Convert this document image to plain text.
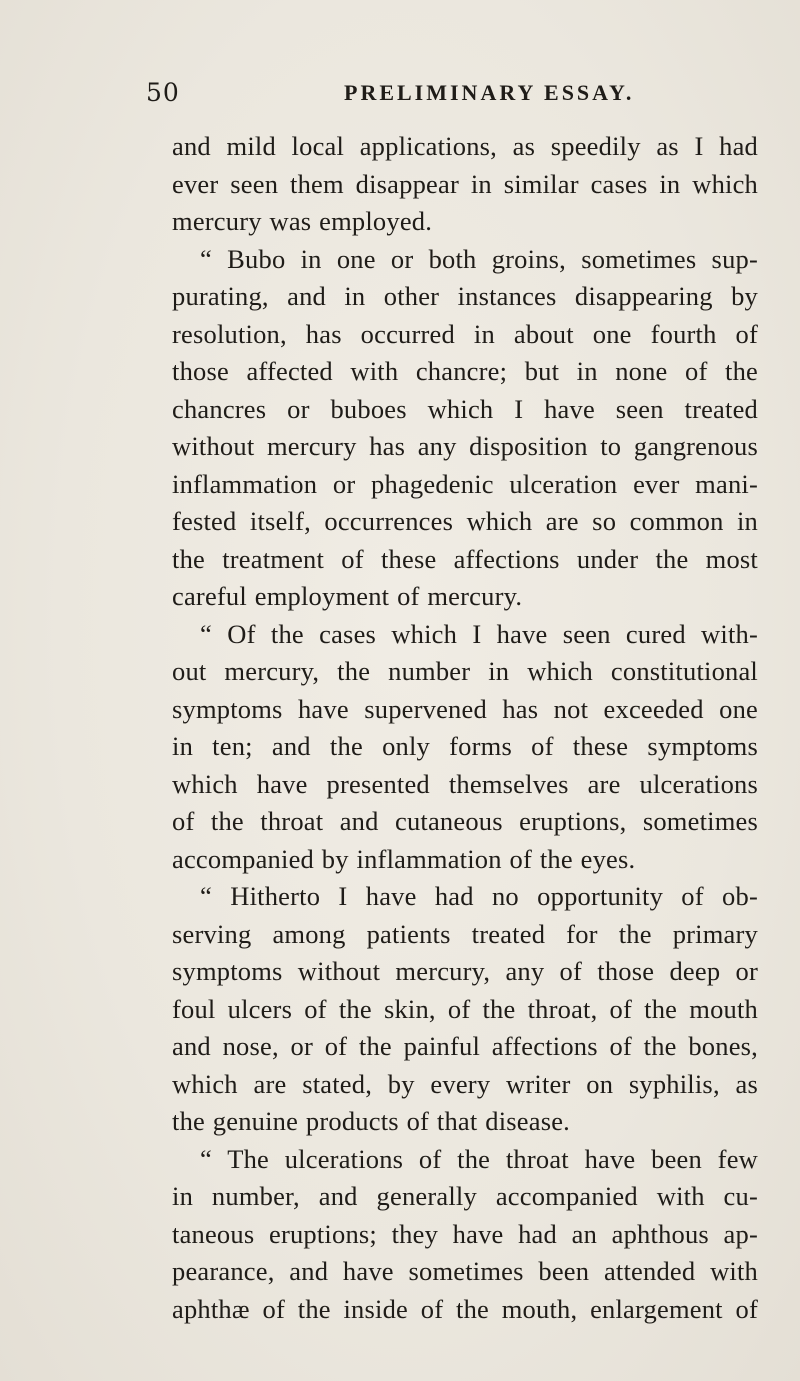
50	PRELIMINARY ESSAY.
and mild local applications, as speedily as I had
ever seen them disappear in similar cases in which
mercury was employed.
“ Bubo in one or both groins, sometimes sup-
purating, and in other instances disappearing by
resolution, has occurred in about one fourth of
those affected with chancre; but in none of the
chancres or buboes which I have seen treated
without mercury has any disposition to gangrenous
inflammation or phagedenic ulceration ever mani-
fested itself, occurrences which are so common in
the treatment of these affections under the most
careful employment of mercury.
“ Of the cases which I have seen cured with-
out mercury, the number in which constitutional
symptoms have supervened has not exceeded one
in ten; and the only forms of these symptoms
which have presented themselves are ulcerations
of the throat and cutaneous eruptions, sometimes
accompanied by inflammation of the eyes.
“ Hitherto I have had no opportunity of ob-
serving among patients treated for the primary
symptoms without mercury, any of those deep or
foul ulcers of the skin, of the throat, of the mouth
and nose, or of the painful affections of the bones,
which are stated, by every writer on syphilis, as
the genuine products of that disease.
“ The ulcerations of the throat have been few
in number, and generally accompanied with cu-
taneous eruptions; they have had an aphthous ap-
pearance, and have sometimes been attended with
aphthæ of the inside of the mouth, enlargement of
